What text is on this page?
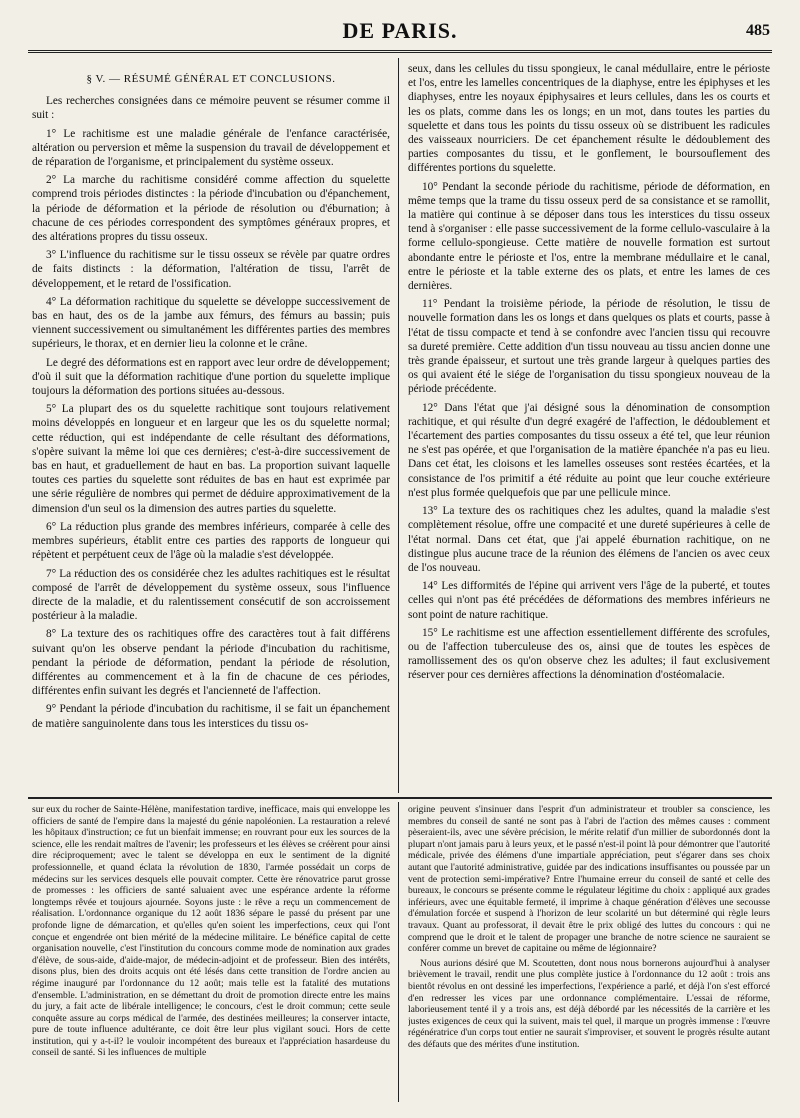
DE PARIS.	485
§ V. — RÉSUMÉ GÉNÉRAL ET CONCLUSIONS.

Les recherches consignées dans ce mémoire peuvent se résumer comme il suit :

1° Le rachitisme est une maladie générale de l'enfance caractérisée, altération ou perversion et même la suspension du travail de développement et de réparation de l'organisme, et principalement du système osseux.

2° La marche du rachitisme considéré comme affection du squelette comprend trois périodes distinctes : la période d'incubation ou d'épanchement, la période de déformation et la période de résolution ou d'éburnation; à chacune de ces périodes correspondent des symptômes généraux propres, et des altérations propres du tissu osseux.

3° L'influence du rachitisme sur le tissu osseux se révèle par quatre ordres de faits distincts : la déformation, l'altération de tissu, l'arrêt de développement, et le retard de l'ossification.

4° La déformation rachitique du squelette se développe successivement de bas en haut, des os de la jambe aux fémurs, des fémurs au bassin; puis viennent successivement ou simultanément les différentes parties des membres supérieurs, le thorax, et en dernier lieu la colonne et le crâne.

Le degré des déformations est en rapport avec leur ordre de développement; d'où il suit que la déformation rachitique d'une portion du squelette implique toujours la déformation des portions situées au-dessous.

5° La plupart des os du squelette rachitique sont toujours relativement moins développés en longueur et en largeur que les os du squelette normal; cette réduction, qui est indépendante de celle résultant des déformations, s'opère suivant la même loi que ces dernières; c'est-à-dire successivement de bas en haut, et graduellement de haut en bas. La proportion suivant laquelle toutes ces parties du squelette sont réduites de bas en haut est exprimée par une série régulière de nombres qui permet de déduire approximativement de la dimension d'un seul os la dimension des autres parties du squelette.

6° La réduction plus grande des membres inférieurs, comparée à celle des membres supérieurs, établit entre ces parties des rapports de longueur qui répètent et perpétuent ceux de l'âge où la maladie s'est développée.

7° La réduction des os considérée chez les adultes rachitiques est le résultat composé de l'arrêt de développement du système osseux, sous l'influence directe de la maladie, et du ralentissement consécutif de son accroissement postérieur à la maladie.

8° La texture des os rachitiques offre des caractères tout à fait différens suivant qu'on les observe pendant la période d'incubation du rachitisme, pendant la période de déformation, pendant la période de résolution, différentes au commencement et à la fin de chacune de ces périodes, différentes enfin suivant les degrés et l'ancienneté de l'affection.

9° Pendant la période d'incubation du rachitisme, il se fait un épanchement de matière sanguinolente dans tous les interstices du tissu os-

seux, dans les cellules du tissu spongieux, le canal médullaire, entre le périoste et l'os, entre les lamelles concentriques de la diaphyse, entre les épiphyses et les diaphyses, entre les noyaux épiphysaires et leurs cellules, dans les os courts et les os plats, comme dans les os longs; en un mot, dans toutes les parties du squelette et dans tous les points du tissu osseux où se distribuent les radicules des vaisseaux nourriciers. De cet épanchement résulte le dédoublement des parties composantes du tissu, et le gonflement, le boursouflement des différentes portions du squelette.

10° Pendant la seconde période du rachitisme, période de déformation, en même temps que la trame du tissu osseux perd de sa consistance et se ramollit, la matière qui continue à se déposer dans tous les interstices du tissu osseux tend à s'organiser : elle passe successivement de la forme cellulo-vasculaire à la forme cellulo-spongieuse. Cette matière de nouvelle formation est surtout abondante entre le périoste et l'os, entre la membrane médullaire et le canal, entre le périoste et la table externe des os plats, et entre les lames de ces dernières.

11° Pendant la troisième période, la période de résolution, le tissu de nouvelle formation dans les os longs et dans quelques os plats et courts, passe à l'état de tissu compacte et tend à se confondre avec l'ancien tissu qui recouvre sa dureté première. Cette addition d'un tissu nouveau au tissu ancien donne une très grande épaisseur, et surtout une très grande largeur à quelques parties des os qui avaient été le siége de l'organisation du tissu spongieux nouveau de la période précédente.

12° Dans l'état que j'ai désigné sous la dénomination de consomption rachitique, et qui résulte d'un degré exagéré de l'affection, le dédoublement et l'écartement des parties composantes du tissu osseux a été tel, que leur réunion ne s'est pas opérée, et que l'organisation de la matière épanchée n'a pas eu lieu. Dans cet état, les cloisons et les lamelles osseuses sont restées écartées, et la consistance de l'os primitif a été réduite au point que leur couche extérieure n'est plus formée quelquefois que par une pellicule mince.

13° La texture des os rachitiques chez les adultes, quand la maladie s'est complètement résolue, offre une compacité et une dureté supérieures à celle de l'état normal. Dans cet état, que j'ai appelé éburnation rachitique, on ne distingue plus aucune trace de la réunion des élémens de l'ancien os avec ceux de l'os nouveau.

14° Les difformités de l'épine qui arrivent vers l'âge de la puberté, et toutes celles qui n'ont pas été précédées de déformations des membres inférieurs ne sont point de nature rachitique.

15° Le rachitisme est une affection essentiellement différente des scrofules, ou de l'affection tuberculeuse des os, ainsi que de toutes les espèces de ramollissement des os qu'on observe chez les adultes; il faut exclusivement réserver pour ces dernières affections la dénomination d'ostéomalacie.

sur eux du rocher de Sainte-Hélène, manifestation tardive, inefficace, mais qui enveloppe les officiers de santé de l'empire dans la majesté du génie napoléonien. La restauration a relevé les hôpitaux d'instruction; ce fut un bienfait immense; en rouvrant pour eux les sources de la science, elle les rendait maîtres de l'avenir; les professeurs et les élèves se créèrent pour ainsi dire réciproquement; avec le talent se développa en eux le sentiment de la dignité professionnelle, et quand éclata la révolution de 1830, l'armée possédait un corps de médecins sur les services desquels elle pouvait compter. Cette ère rénovatrice parut grosse de promesses : les officiers de santé saluaient avec une espérance ardente la réforme longtemps rêvée et toujours ajournée. Soyons juste : le rêve a reçu un commencement de réalisation. L'ordonnance organique du 12 août 1836 sépare le passé du présent par une profonde ligne de démarcation, et qu'elles qu'en soient les imperfections, ceux qui l'ont conçue et engendrée ont bien mérité de la médecine militaire. Le bénéfice capital de cette organisation nouvelle, c'est l'institution du concours comme mode de nomination aux grades d'élève, de sous-aide, d'aide-major, de médecin-adjoint et de professeur. Bien des intérêts, disons plus, bien des droits acquis ont été lésés dans cette transition de l'ordre ancien au régime inauguré par l'ordonnance du 12 août; mais telle est la fatalité des mutations d'ensemble. L'administration, en se démettant du droit de promotion directe entre les mains du jury, a fait acte de libérale intelligence; le concours, c'est le droit commun; cette seule conquête assure au corps médical de l'armée, des destinées meilleures; la conserver intacte, pure de toute influence adultérante, ce doit être leur plus vigilant souci. Hors de cette institution, qui y a-t-il? le vouloir incompétent des bureaux et l'appréciation hasardeuse du conseil de santé. Si les influences de multiple

origine peuvent s'insinuer dans l'esprit d'un administrateur et troubler sa conscience, les membres du conseil de santé ne sont pas à l'abri de l'action des mêmes causes : comment pèseraient-ils, avec une sévère précision, le mérite relatif d'un millier de subordonnés dont la plupart n'ont jamais paru à leurs yeux, et le passé n'est-il point là pour démontrer que l'autorité médicale, privée des élémens d'une impartiale appréciation, peut s'égarer dans ses choix autant que l'autorité administrative, guidée par des indications insuffisantes ou poussée par un vent de protection semi-impérative? Entre l'humaine erreur du conseil de santé et celle des bureaux, le concours se présente comme le régulateur légitime du choix : appliqué aux grades inférieurs, avec une équitable fermeté, il imprime à chaque génération d'élèves une secousse d'émulation forcée et suspend à l'horizon de leur scolarité un but déterminé qui règle leurs travaux. Quant au professorat, il devait être le prix obligé des luttes du concours : qui ne comprend que le droit et le talent de propager une branche de notre science ne sauraient se conférer comme un brevet de capitaine ou même de légionnaire?

Nous aurions désiré que M. Scoutetten, dont nous nous bornerons aujourd'hui à analyser brièvement le travail, rendit une plus complète justice à l'ordonnance du 12 août : trois ans bientôt révolus en ont dessiné les imperfections, l'expérience a parlé, et déjà l'on s'est efforcé d'en redresser les vices par une ordonnance complémentaire. L'essai de réforme, laborieusement tenté il y a trois ans, est déjà débordé par les nécessités de la carrière et les justes exigences de ceux qui la suivent, mais tel quel, il marque un progrès immense : l'œuvre régénératrice d'un corps tout entier ne saurait s'improviser, et souvent le progrès résulte autant des défauts que des mérites d'une institution.
